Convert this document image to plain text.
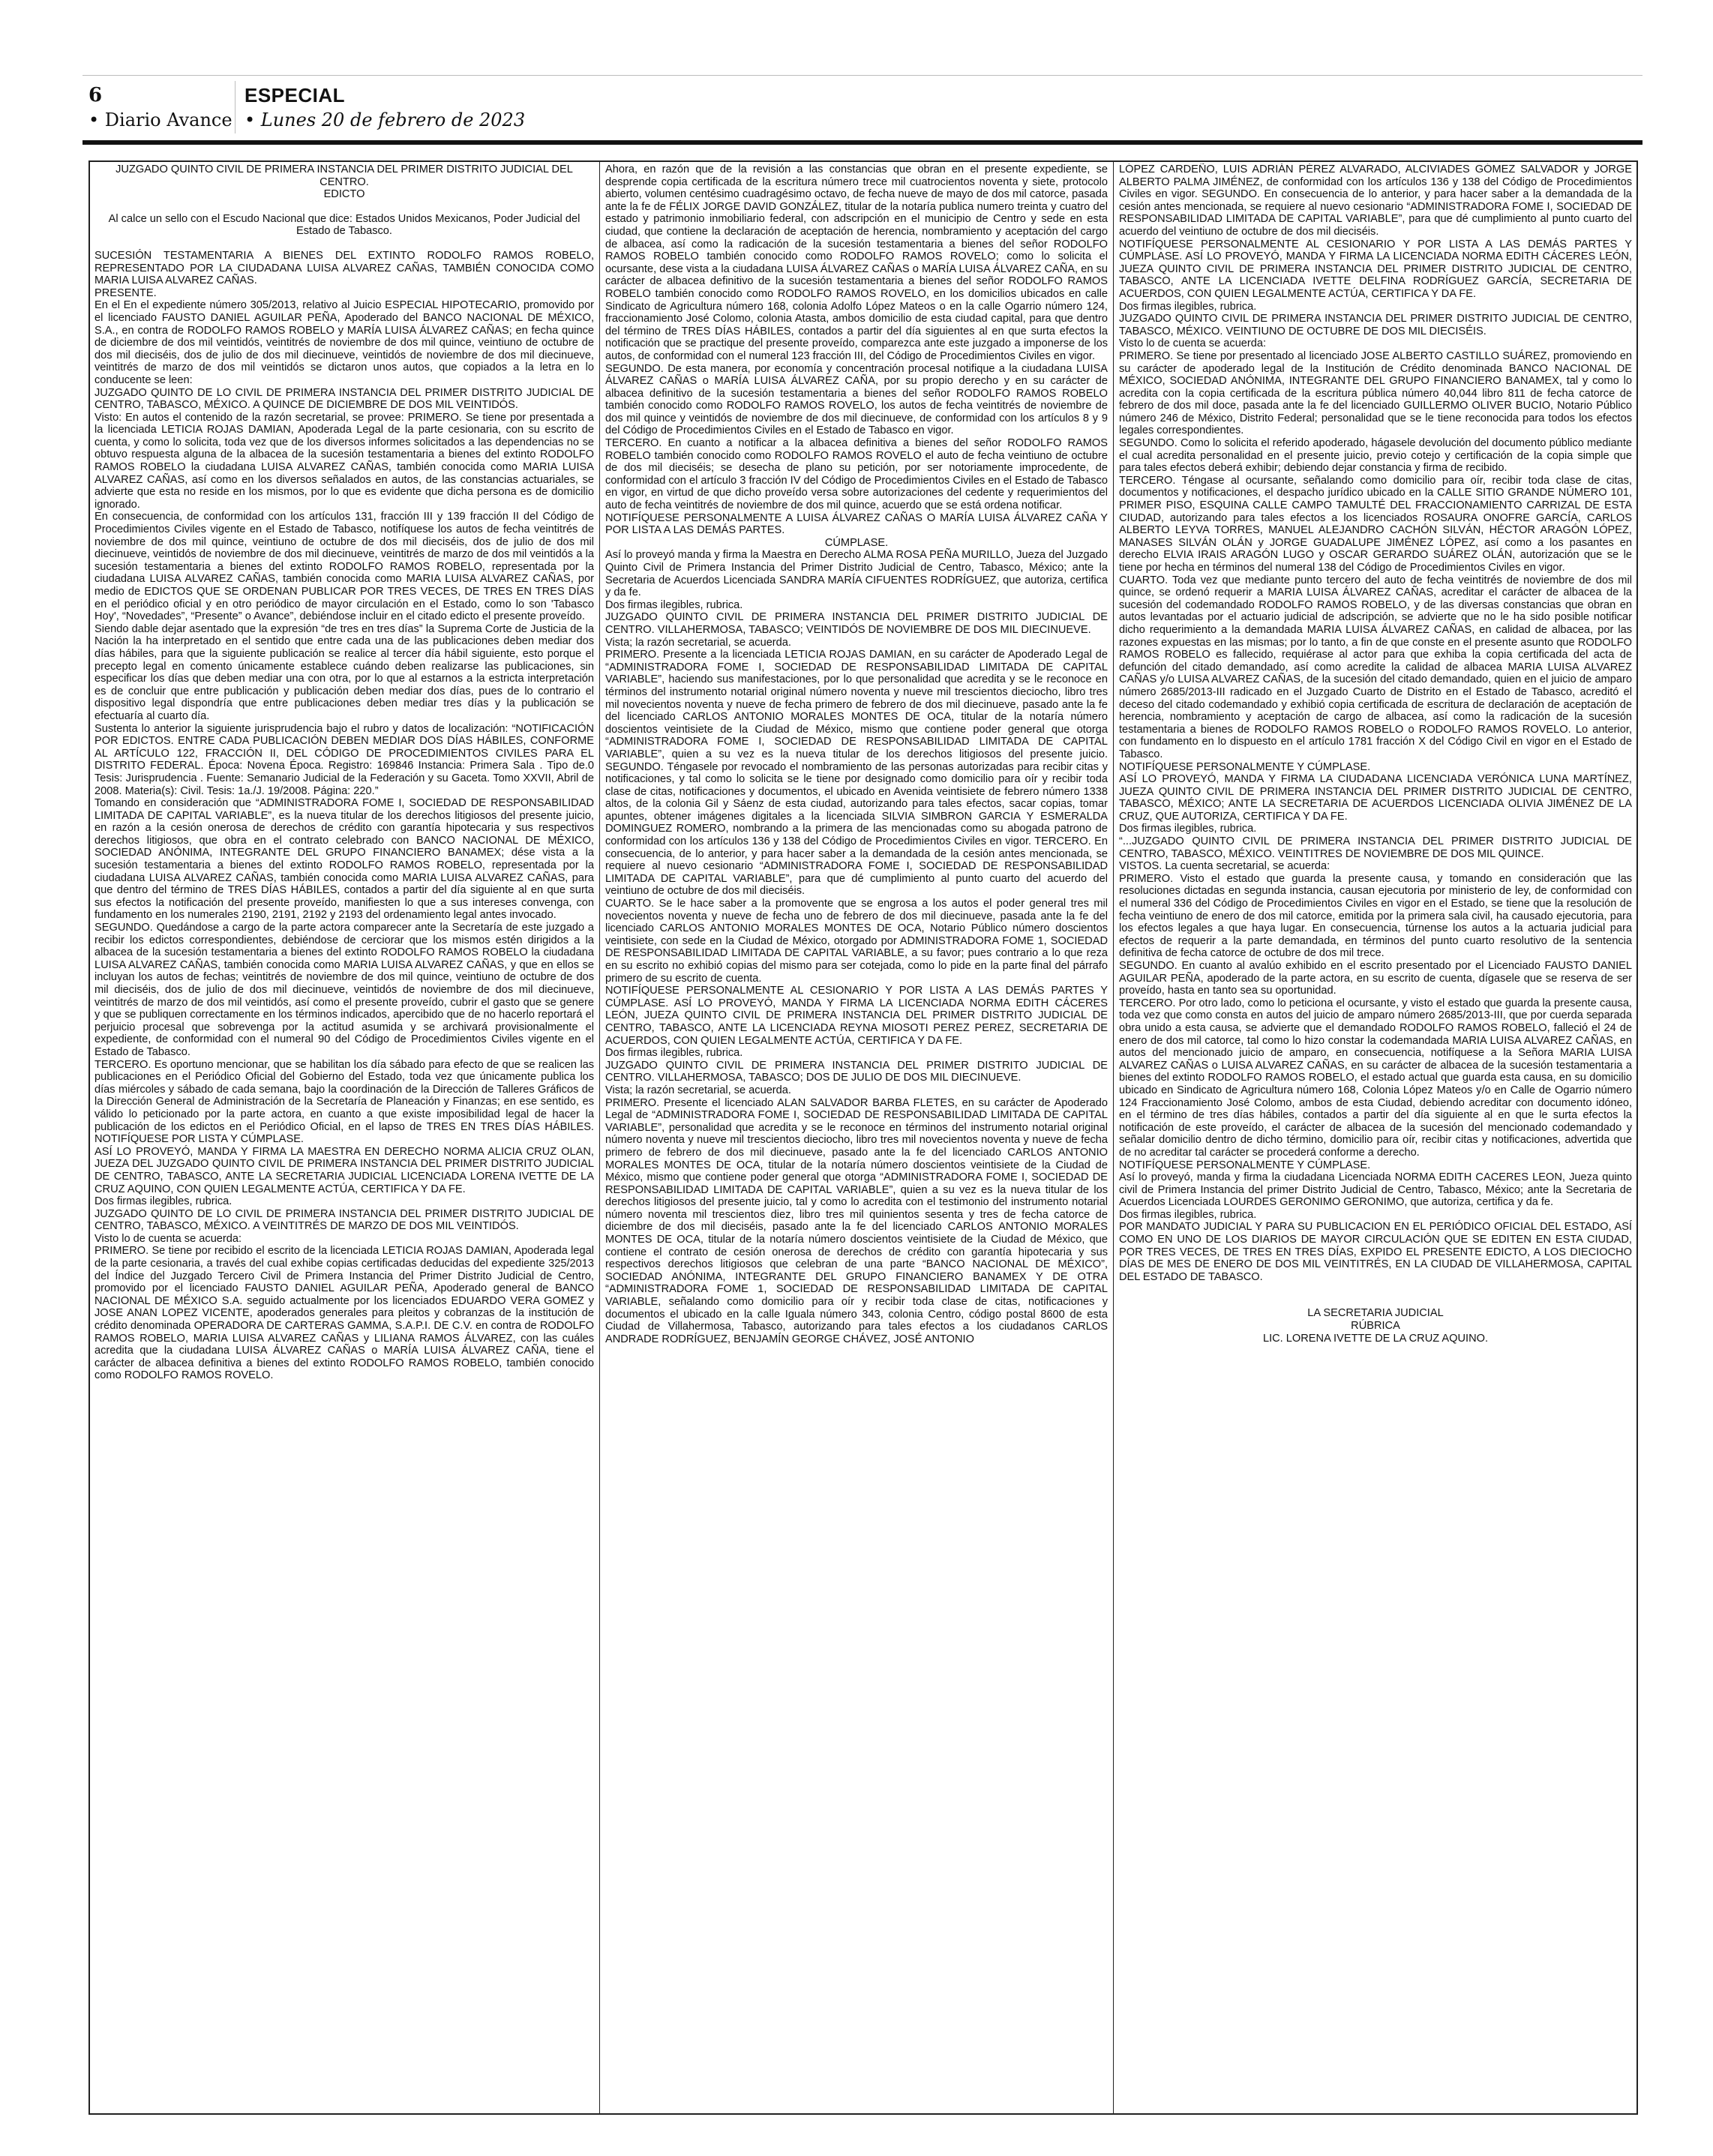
6
• Diario Avance
ESPECIAL
• Lunes 20 de febrero de 2023

JUZGADO QUINTO CIVIL DE PRIMERA INSTANCIA DEL PRIMER DISTRITO JUDICIAL DEL CENTRO.

EDICTO

Al calce un sello con el Escudo Nacional que dice: Estados Unidos Mexicanos, Poder Judicial del Estado de Tabasco.

SUCESIÓN TESTAMENTARIA A BIENES DEL EXTINTO RODOLFO RAMOS ROBELO, REPRESENTADO POR LA CIUDADANA LUISA ALVAREZ CAÑAS, TAMBIÉN CONOCIDA COMO MARIA LUISA ALVAREZ CAÑAS.

PRESENTE.

En el En el expediente número 305/2013, relativo al Juicio ESPECIAL HIPOTECARIO, promovido por el licenciado FAUSTO DANIEL AGUILAR PEÑA, Apoderado del BANCO NACIONAL DE MÉXICO, S.A., en contra de RODOLFO RAMOS ROBELO y MARÍA LUISA ÁLVAREZ CAÑAS; en fecha quince de diciembre de dos mil veintidós, veintitrés de noviembre de dos mil quince, veintiuno de octubre de dos mil dieciséis, dos de julio de dos mil diecinueve, veintidós de noviembre de dos mil diecinueve, veintitrés de marzo de dos mil veintidós se dictaron unos autos, que copiados a la letra en lo conducente se leen:

JUZGADO QUINTO DE LO CIVIL DE PRIMERA INSTANCIA DEL PRIMER DISTRITO JUDICIAL DE CENTRO, TABASCO, MÉXICO. A QUINCE DE DICIEMBRE DE DOS MIL VEINTIDÓS.

Visto: En autos el contenido de la razón secretarial, se provee: PRIMERO. Se tiene por presentada a la licenciada LETICIA ROJAS DAMIAN, Apoderada Legal de la parte cesionaria, con su escrito de cuenta, y como lo solicita, toda vez que de los diversos informes solicitados a las dependencias no se obtuvo respuesta alguna de la albacea de la sucesión testamentaria a bienes del extinto RODOLFO RAMOS ROBELO la ciudadana LUISA ALVAREZ CAÑAS, también conocida como MARIA LUISA ALVAREZ CAÑAS, así como en los diversos señalados en autos, de las constancias actuariales, se advierte que esta no reside en los mismos, por lo que es evidente que dicha persona es de domicilio ignorado.

En consecuencia, de conformidad con los artículos 131, fracción III y 139 fracción II del Código de Procedimientos Civiles vigente en el Estado de Tabasco, notifíquese los autos de fecha veintitrés de noviembre de dos mil quince, veintiuno de octubre de dos mil dieciséis, dos de julio de dos mil diecinueve, veintidós de noviembre de dos mil diecinueve, veintitrés de marzo de dos mil veintidós a la sucesión testamentaria a bienes del extinto RODOLFO RAMOS ROBELO, representada por la ciudadana LUISA ALVAREZ CAÑAS, también conocida como MARIA LUISA ALVAREZ CAÑAS, por medio de EDICTOS QUE SE ORDENAN PUBLICAR POR TRES VECES, DE TRES EN TRES DÍAS en el periódico oficial y en otro periódico de mayor circulación en el Estado, como lo son 'Tabasco Hoy', “Novedades”, “Presente” o Avance”, debiéndose incluir en el citado edicto el presente proveído.

Siendo dable dejar asentado que la expresión “de tres en tres días” la Suprema Corte de Justicia de la Nación la ha interpretado en el sentido que entre cada una de las publicaciones deben mediar dos días hábiles, para que la siguiente publicación se realice al tercer día hábil siguiente, esto porque el precepto legal en comento únicamente establece cuándo deben realizarse las publicaciones, sin especificar los días que deben mediar una con otra, por lo que al estarnos a la estricta interpretación es de concluir que entre publicación y publicación deben mediar dos días, pues de lo contrario el dispositivo legal dispondría que entre publicaciones deben mediar tres días y la publicación se efectuaría al cuarto día.

Sustenta lo anterior la siguiente jurisprudencia bajo el rubro y datos de localización: “NOTIFICACIÓN POR EDICTOS. ENTRE CADA PUBLICACIÓN DEBEN MEDIAR DOS DÍAS HÁBILES, CONFORME AL ARTÍCULO 122, FRACCIÓN II, DEL CÓDIGO DE PROCEDIMIENTOS CIVILES PARA EL DISTRITO FEDERAL. Época: Novena Época. Registro: 169846 Instancia: Primera Sala . Tipo de.0 Tesis: Jurisprudencia . Fuente: Semanario Judicial de la Federación y su Gaceta. Tomo XXVII, Abril de 2008. Materia(s): Civil. Tesis: 1a./J. 19/2008. Página: 220.”

Tomando en consideración que “ADMINISTRADORA FOME I, SOCIEDAD DE RESPONSABILIDAD LIMITADA DE CAPITAL VARIABLE”, es la nueva titular de los derechos litigiosos del presente juicio, en razón a la cesión onerosa de derechos de crédito con garantía hipotecaria y sus respectivos derechos litigiosos, que obra en el contrato celebrado con BANCO NACIONAL DE MÉXICO, SOCIEDAD ANÓNIMA, INTEGRANTE DEL GRUPO FINANCIERO BANAMEX; dése vista a la sucesión testamentaria a bienes del extinto RODOLFO RAMOS ROBELO, representada por la ciudadana LUISA ALVAREZ CAÑAS, también conocida como MARIA LUISA ALVAREZ CAÑAS, para que dentro del término de TRES DÍAS HÁBILES, contados a partir del día siguiente al en que surta sus efectos la notificación del presente proveído, manifiesten lo que a sus intereses convenga, con fundamento en los numerales 2190, 2191, 2192 y 2193 del ordenamiento legal antes invocado.

SEGUNDO. Quedándose a cargo de la parte actora comparecer ante la Secretaría de este juzgado a recibir los edictos correspondientes, debiéndose de cerciorar que los mismos estén dirigidos a la albacea de la sucesión testamentaria a bienes del extinto RODOLFO RAMOS ROBELO la ciudadana LUISA ALVAREZ CAÑAS, también conocida como MARIA LUISA ALVAREZ CAÑAS, y que en ellos se incluyan los autos de fechas; veintitrés de noviembre de dos mil quince, veintiuno de octubre de dos mil dieciséis, dos de julio de dos mil diecinueve, veintidós de noviembre de dos mil diecinueve, veintitrés de marzo de dos mil veintidós, así como el presente proveído, cubrir el gasto que se genere y que se publiquen correctamente en los términos indicados, apercibido que de no hacerlo reportará el perjuicio procesal que sobrevenga por la actitud asumida y se archivará provisionalmente el expediente, de conformidad con el numeral 90 del Código de Procedimientos Civiles vigente en el Estado de Tabasco.

TERCERO. Es oportuno mencionar, que se habilitan los día sábado para efecto de que se realicen las publicaciones en el Periódico Oficial del Gobierno del Estado, toda vez que únicamente publica los días miércoles y sábado de cada semana, bajo la coordinación de la Dirección de Talleres Gráficos de la Dirección General de Administración de la Secretaría de Planeación y Finanzas; en ese sentido, es válido lo peticionado por la parte actora, en cuanto a que existe imposibilidad legal de hacer la publicación de los edictos en el Periódico Oficial, en el lapso de TRES EN TRES DÍAS HÁBILES. NOTIFÍQUESE POR LISTA Y CÚMPLASE.

ASÍ LO PROVEYÓ, MANDA Y FIRMA LA MAESTRA EN DERECHO NORMA ALICIA CRUZ OLAN, JUEZA DEL JUZGADO QUINTO CIVIL DE PRIMERA INSTANCIA DEL PRIMER DISTRITO JUDICIAL DE CENTRO, TABASCO, ANTE LA SECRETARIA JUDICIAL LICENCIADA LORENA IVETTE DE LA CRUZ AQUINO, CON QUIEN LEGALMENTE ACTÚA, CERTIFICA Y DA FE.

Dos firmas ilegibles, rubrica.

JUZGADO QUINTO DE LO CIVIL DE PRIMERA INSTANCIA DEL PRIMER DISTRITO JUDICIAL DE CENTRO, TABASCO, MÉXICO. A VEINTITRÉS DE MARZO DE DOS MIL VEINTIDÓS.

Visto lo de cuenta se acuerda:

PRIMERO. Se tiene por recibido el escrito de la licenciada LETICIA ROJAS DAMIAN, Apoderada legal de la parte cesionaria, a través del cual exhibe copias certificadas deducidas del expediente 325/2013 del Índice del Juzgado Tercero Civil de Primera Instancia del Primer Distrito Judicial de Centro, promovido por el licenciado FAUSTO DANIEL AGUILAR PEÑA, Apoderado general de BANCO NACIONAL DE MÉXICO S.A. seguido actualmente por los licenciados EDUARDO VERA GOMEZ y JOSE ANAN LOPEZ VICENTE, apoderados generales para pleitos y cobranzas de la institución de crédito denominada OPERADORA DE CARTERAS GAMMA, S.A.P.I. DE C.V. en contra de RODOLFO RAMOS ROBELO, MARIA LUISA ALVAREZ CAÑAS y LILIANA RAMOS ÁLVAREZ, con las cuáles acredita que la ciudadana LUISA ÁLVAREZ CAÑAS o MARÍA LUISA ÁLVAREZ CAÑA, tiene el carácter de albacea definitiva a bienes del extinto RODOLFO RAMOS ROBELO, también conocido como RODOLFO RAMOS ROVELO.

Ahora, en razón que de la revisión a las constancias que obran en el presente expediente, se desprende copia certificada de la escritura número trece mil cuatrocientos noventa y siete, protocolo abierto, volumen centésimo cuadragésimo octavo, de fecha nueve de mayo de dos mil catorce, pasada ante la fe de FÉLIX JORGE DAVID GONZÁLEZ, titular de la notaría publica numero treinta y cuatro del estado y patrimonio inmobiliario federal, con adscripción en el municipio de Centro y sede en esta ciudad, que contiene la declaración de aceptación de herencia, nombramiento y aceptación del cargo de albacea, así como la radicación de la sucesión testamentaria a bienes del señor RODOLFO RAMOS ROBELO también conocido como RODOLFO RAMOS ROVELO; como lo solicita el ocursante, dese vista a la ciudadana LUISA ÁLVAREZ CAÑAS o MARÍA LUISA ÁLVAREZ CAÑA, en su carácter de albacea definitivo de la sucesión testamentaria a bienes del señor RODOLFO RAMOS ROBELO también conocido como RODOLFO RAMOS ROVELO, en los domicilios ubicados en calle Sindicato de Agricultura número 168, colonia Adolfo López Mateos o en la calle Ogarrio número 124, fraccionamiento José Colomo, colonia Atasta, ambos domicilio de esta ciudad capital, para que dentro del término de TRES DÍAS HÁBILES, contados a partir del día siguientes al en que surta efectos la notificación que se practique del presente proveído, comparezca ante este juzgado a imponerse de los autos, de conformidad con el numeral 123 fracción III, del Código de Procedimientos Civiles en vigor.

SEGUNDO. De esta manera, por economía y concentración procesal notifique a la ciudadana LUISA ÁLVAREZ CAÑAS o MARÍA LUISA ÁLVAREZ CAÑA, por su propio derecho y en su carácter de albacea definitivo de la sucesión testamentaria a bienes del señor RODOLFO RAMOS ROBELO también conocido como RODOLFO RAMOS ROVELO, los autos de fecha veintitrés de noviembre de dos mil quince y veintidós de noviembre de dos mil diecinueve, de conformidad con los artículos 8 y 9 del Código de Procedimientos Civiles en el Estado de Tabasco en vigor.

TERCERO. En cuanto a notificar a la albacea definitiva a bienes del señor RODOLFO RAMOS ROBELO también conocido como RODOLFO RAMOS ROVELO el auto de fecha veintiuno de octubre de dos mil dieciséis; se desecha de plano su petición, por ser notoriamente improcedente, de conformidad con el artículo 3 fracción IV del Código de Procedimientos Civiles en el Estado de Tabasco en vigor, en virtud de que dicho proveído versa sobre autorizaciones del cedente y requerimientos del auto de fecha veintitrés de noviembre de dos mil quince, acuerdo que se está ordena notificar.

NOTIFÍQUESE PERSONALMENTE A LUISA ÁLVAREZ CAÑAS O MARÍA LUISA ÁLVAREZ CAÑA Y POR LISTA A LAS DEMÁS PARTES.

CÚMPLASE.

Así lo proveyó manda y firma la Maestra en Derecho ALMA ROSA PEÑA MURILLO, Jueza del Juzgado Quinto Civil de Primera Instancia del Primer Distrito Judicial de Centro, Tabasco, México; ante la Secretaria de Acuerdos Licenciada SANDRA MARÍA CIFUENTES RODRÍGUEZ, que autoriza, certifica y da fe.

Dos firmas ilegibles, rubrica.

JUZGADO QUINTO CIVIL DE PRIMERA INSTANCIA DEL PRIMER DISTRITO JUDICIAL DE CENTRO. VILLAHERMOSA, TABASCO; VEINTIDÓS DE NOVIEMBRE DE DOS MIL DIECINUEVE.

Vista; la razón secretarial, se acuerda.

PRIMERO. Presente a la licenciada LETICIA ROJAS DAMIAN, en su carácter de Apoderado Legal de “ADMINISTRADORA FOME I, SOCIEDAD DE RESPONSABILIDAD LIMITADA DE CAPITAL VARIABLE”, haciendo sus manifestaciones, por lo que personalidad que acredita y se le reconoce en términos del instrumento notarial original número noventa y nueve mil trescientos dieciocho, libro tres mil novecientos noventa y nueve de fecha primero de febrero de dos mil diecinueve, pasado ante la fe del licenciado CARLOS ANTONIO MORALES MONTES DE OCA, titular de la notaría número doscientos veintisiete de la Ciudad de México, mismo que contiene poder general que otorga “ADMINISTRADORA FOME I, SOCIEDAD DE RESPONSABILIDAD LIMITADA DE CAPITAL VARIABLE”, quien a su vez es la nueva titular de los derechos litigiosos del presente juicio. SEGUNDO. Téngasele por revocado el nombramiento de las personas autorizadas para recibir citas y notificaciones, y tal como lo solicita se le tiene por designado como domicilio para oír y recibir toda clase de citas, notificaciones y documentos, el ubicado en Avenida veintisiete de febrero número 1338 altos, de la colonia Gil y Sáenz de esta ciudad, autorizando para tales efectos, sacar copias, tomar apuntes, obtener imágenes digitales a la licenciada SILVIA SIMBRON GARCIA Y ESMERALDA DOMINGUEZ ROMERO, nombrando a la primera de las mencionadas como su abogada patrono de conformidad con los artículos 136 y 138 del Código de Procedimientos Civiles en vigor. TERCERO. En consecuencia, de lo anterior, y para hacer saber a la demandada de la cesión antes mencionada, se requiere al nuevo cesionario “ADMINISTRADORA FOME I, SOCIEDAD DE RESPONSABILIDAD LIMITADA DE CAPITAL VARIABLE”, para que dé cumplimiento al punto cuarto del acuerdo del veintiuno de octubre de dos mil dieciséis.

CUARTO. Se le hace saber a la promovente que se engrosa a los autos el poder general tres mil novecientos noventa y nueve de fecha uno de febrero de dos mil diecinueve, pasada ante la fe del licenciado CARLOS ANTONIO MORALES MONTES DE OCA, Notario Público número doscientos veintisiete, con sede en la Ciudad de México, otorgado por ADMINISTRADORA FOME 1, SOCIEDAD DE RESPONSABILIDAD LIMITADA DE CAPITAL VARIABLE, a su favor; pues contrario a lo que reza en su escrito no exhibió copias del mismo para ser cotejada, como lo pide en la parte final del párrafo primero de su escrito de cuenta.

NOTIFÍQUESE PERSONALMENTE AL CESIONARIO Y POR LISTA A LAS DEMÁS PARTES Y CÚMPLASE. ASÍ LO PROVEYÓ, MANDA Y FIRMA LA LICENCIADA NORMA EDITH CÁCERES LEÓN, JUEZA QUINTO CIVIL DE PRIMERA INSTANCIA DEL PRIMER DISTRITO JUDICIAL DE CENTRO, TABASCO, ANTE LA LICENCIADA REYNA MIOSOTI PEREZ PEREZ, SECRETARIA DE ACUERDOS, CON QUIEN LEGALMENTE ACTÚA, CERTIFICA Y DA FE.

Dos firmas ilegibles, rubrica.

JUZGADO QUINTO CIVIL DE PRIMERA INSTANCIA DEL PRIMER DISTRITO JUDICIAL DE CENTRO. VILLAHERMOSA, TABASCO; DOS DE JULIO DE DOS MIL DIECINUEVE.

Vista; la razón secretarial, se acuerda.

PRIMERO. Presente el licenciado ALAN SALVADOR BARBA FLETES, en su carácter de Apoderado Legal de “ADMINISTRADORA FOME I, SOCIEDAD DE RESPONSABILIDAD LIMITADA DE CAPITAL VARIABLE”, personalidad que acredita y se le reconoce en términos del instrumento notarial original número noventa y nueve mil trescientos dieciocho, libro tres mil novecientos noventa y nueve de fecha primero de febrero de dos mil diecinueve, pasado ante la fe del licenciado CARLOS ANTONIO MORALES MONTES DE OCA, titular de la notaría número doscientos veintisiete de la Ciudad de México, mismo que contiene poder general que otorga “ADMINISTRADORA FOME I, SOCIEDAD DE RESPONSABILIDAD LIMITADA DE CAPITAL VARIABLE”, quien a su vez es la nueva titular de los derechos litigiosos del presente juicio, tal y como lo acredita con el testimonio del instrumento notarial número noventa mil trescientos diez, libro tres mil quinientos sesenta y tres de fecha catorce de diciembre de dos mil dieciséis, pasado ante la fe del licenciado CARLOS ANTONIO MORALES MONTES DE OCA, titular de la notaría número doscientos veintisiete de la Ciudad de México, que contiene el contrato de cesión onerosa de derechos de crédito con garantía hipotecaria y sus respectivos derechos litigiosos que celebran de una parte “BANCO NACIONAL DE MÉXICO”, SOCIEDAD ANÓNIMA, INTEGRANTE DEL GRUPO FINANCIERO BANAMEX Y DE OTRA “ADMINISTRADORA FOME 1, SOCIEDAD DE RESPONSABILIDAD LIMITADA DE CAPITAL VARIABLE, señalando como domicilio para oír y recibir toda clase de citas, notificaciones y documentos el ubicado en la calle Iguala número 343, colonia Centro, código postal 8600 de esta Ciudad de Villahermosa, Tabasco, autorizando para tales efectos a los ciudadanos CARLOS ANDRADE RODRÍGUEZ, BENJAMÍN GEORGE CHÁVEZ, JOSÉ ANTONIO

LÓPEZ CARDEÑO, LUIS ADRIÁN PÉREZ ALVARADO, ALCIVIADES GÓMEZ SALVADOR y JORGE ALBERTO PALMA JIMÉNEZ, de conformidad con los artículos 136 y 138 del Código de Procedimientos Civiles en vigor. SEGUNDO. En consecuencia de lo anterior, y para hacer saber a la demandada de la cesión antes mencionada, se requiere al nuevo cesionario “ADMINISTRADORA FOME I, SOCIEDAD DE RESPONSABILIDAD LIMITADA DE CAPITAL VARIABLE”, para que dé cumplimiento al punto cuarto del acuerdo del veintiuno de octubre de dos mil dieciséis.

NOTIFÍQUESE PERSONALMENTE AL CESIONARIO Y POR LISTA A LAS DEMÁS PARTES Y CÚMPLASE. ASÍ LO PROVEYÓ, MANDA Y FIRMA LA LICENCIADA NORMA EDITH CÁCERES LEÓN, JUEZA QUINTO CIVIL DE PRIMERA INSTANCIA DEL PRIMER DISTRITO JUDICIAL DE CENTRO, TABASCO, ANTE LA LICENCIADA IVETTE DELFINA RODRÍGUEZ GARCÍA, SECRETARIA DE ACUERDOS, CON QUIEN LEGALMENTE ACTÚA, CERTIFICA Y DA FE.

Dos firmas ilegibles, rubrica.

JUZGADO QUINTO CIVIL DE PRIMERA INSTANCIA DEL PRIMER DISTRITO JUDICIAL DE CENTRO, TABASCO, MÉXICO. VEINTIUNO DE OCTUBRE DE DOS MIL DIECISÉIS.

Visto lo de cuenta se acuerda:

PRIMERO. Se tiene por presentado al licenciado JOSE ALBERTO CASTILLO SUÁREZ, promoviendo en su carácter de apoderado legal de la Institución de Crédito denominada BANCO NACIONAL DE MÉXICO, SOCIEDAD ANÓNIMA, INTEGRANTE DEL GRUPO FINANCIERO BANAMEX, tal y como lo acredita con la copia certificada de la escritura pública número 40,044 libro 811 de fecha catorce de febrero de dos mil doce, pasada ante la fe del licenciado GUILLERMO OLIVER BUCIO, Notario Público número 246 de México, Distrito Federal; personalidad que se le tiene reconocida para todos los efectos legales correspondientes.

SEGUNDO. Como lo solicita el referido apoderado, hágasele devolución del documento público mediante el cual acredita personalidad en el presente juicio, previo cotejo y certificación de la copia simple que para tales efectos deberá exhibir; debiendo dejar constancia y firma de recibido.

TERCERO. Téngase al ocursante, señalando como domicilio para oír, recibir toda clase de citas, documentos y notificaciones, el despacho jurídico ubicado en la CALLE SITIO GRANDE NÚMERO 101, PRIMER PISO, ESQUINA CALLE CAMPO TAMULTÉ DEL FRACCIONAMIENTO CARRIZAL DE ESTA CIUDAD, autorizando para tales efectos a los licenciados ROSAURA ONOFRE GARCÍA, CARLOS ALBERTO LEYVA TORRES, MANUEL ALEJANDRO CACHÓN SILVÁN, HÉCTOR ARAGÓN LÓPEZ, MANASES SILVÁN OLÁN y JORGE GUADALUPE JIMÉNEZ LÓPEZ, así como a los pasantes en derecho ELVIA IRAIS ARAGÓN LUGO y OSCAR GERARDO SUÁREZ OLÁN, autorización que se le tiene por hecha en términos del numeral 138 del Código de Procedimientos Civiles en vigor.

CUARTO. Toda vez que mediante punto tercero del auto de fecha veintitrés de noviembre de dos mil quince, se ordenó requerir a MARIA LUISA ÁLVAREZ CAÑAS, acreditar el carácter de albacea de la sucesión del codemandado RODOLFO RAMOS ROBELO, y de las diversas constancias que obran en autos levantadas por el actuario judicial de adscripción, se advierte que no le ha sido posible notificar dicho requerimiento a la demandada MARIA LUISA ÁLVAREZ CAÑAS, en calidad de albacea, por las razones expuestas en las mismas; por lo tanto, a fin de que conste en el presente asunto que RODOLFO RAMOS ROBELO es fallecido, requiérase al actor para que exhiba la copia certificada del acta de defunción del citado demandado, así como acredite la calidad de albacea MARIA LUISA ALVAREZ CAÑAS y/o LUISA ALVAREZ CAÑAS, de la sucesión del citado demandado, quien en el juicio de amparo número 2685/2013-III radicado en el Juzgado Cuarto de Distrito en el Estado de Tabasco, acreditó el deceso del citado codemandado y exhibió copia certificada de escritura de declaración de aceptación de herencia, nombramiento y aceptación de cargo de albacea, así como la radicación de la sucesión testamentaria a bienes de RODOLFO RAMOS ROBELO o RODOLFO RAMOS ROVELO. Lo anterior, con fundamento en lo dispuesto en el artículo 1781 fracción X del Código Civil en vigor en el Estado de Tabasco.

NOTIFÍQUESE PERSONALMENTE Y CÚMPLASE.

ASÍ LO PROVEYÓ, MANDA Y FIRMA LA CIUDADANA LICENCIADA VERÓNICA LUNA MARTÍNEZ, JUEZA QUINTO CIVIL DE PRIMERA INSTANCIA DEL PRIMER DISTRITO JUDICIAL DE CENTRO, TABASCO, MÉXICO; ANTE LA SECRETARIA DE ACUERDOS LICENCIADA OLIVIA JIMÉNEZ DE LA CRUZ, QUE AUTORIZA, CERTIFICA Y DA FE.

Dos firmas ilegibles, rubrica.

“...JUZGADO QUINTO CIVIL DE PRIMERA INSTANCIA DEL PRIMER DISTRITO JUDICIAL DE CENTRO, TABASCO, MÉXICO. VEINTITRES DE NOVIEMBRE DE DOS MIL QUINCE.

VISTOS. La cuenta secretarial, se acuerda:

PRIMERO. Visto el estado que guarda la presente causa, y tomando en consideración que las resoluciones dictadas en segunda instancia, causan ejecutoria por ministerio de ley, de conformidad con el numeral 336 del Código de Procedimientos Civiles en vigor en el Estado, se tiene que la resolución de fecha veintiuno de enero de dos mil catorce, emitida por la primera sala civil, ha causado ejecutoria, para los efectos legales a que haya lugar. En consecuencia, túrnense los autos a la actuaria judicial para efectos de requerir a la parte demandada, en términos del punto cuarto resolutivo de la sentencia definitiva de fecha catorce de octubre de dos mil trece.

SEGUNDO. En cuanto al avalúo exhibido en el escrito presentado por el Licenciado FAUSTO DANIEL AGUILAR PEÑA, apoderado de la parte actora, en su escrito de cuenta, dígasele que se reserva de ser proveído, hasta en tanto sea su oportunidad.

TERCERO. Por otro lado, como lo peticiona el ocursante, y visto el estado que guarda la presente causa, toda vez que como consta en autos del juicio de amparo número 2685/2013-III, que por cuerda separada obra unido a esta causa, se advierte que el demandado RODOLFO RAMOS ROBELO, falleció el 24 de enero de dos mil catorce, tal como lo hizo constar la codemandada MARIA LUISA ALVAREZ CAÑAS, en autos del mencionado juicio de amparo, en consecuencia, notifíquese a la Señora MARIA LUISA ALVAREZ CAÑAS o LUISA ALVAREZ CAÑAS, en su carácter de albacea de la sucesión testamentaria a bienes del extinto RODOLFO RAMOS ROBELO, el estado actual que guarda esta causa, en su domicilio ubicado en Sindicato de Agricultura número 168, Colonia López Mateos y/o en Calle de Ogarrio número 124 Fraccionamiento José Colomo, ambos de esta Ciudad, debiendo acreditar con documento idóneo, en el término de tres días hábiles, contados a partir del día siguiente al en que le surta efectos la notificación de este proveído, el carácter de albacea de la sucesión del mencionado codemandado y señalar domicilio dentro de dicho término, domicilio para oír, recibir citas y notificaciones, advertida que de no acreditar tal carácter se procederá conforme a derecho.

NOTIFÍQUESE PERSONALMENTE Y CÚMPLASE.

Así lo proveyó, manda y firma la ciudadana Licenciada NORMA EDITH CACERES LEON, Jueza quinto civil de Primera Instancia del primer Distrito Judicial de Centro, Tabasco, México; ante la Secretaria de Acuerdos Licenciada LOURDES GERONIMO GERONIMO, que autoriza, certifica y da fe.

Dos firmas ilegibles, rubrica.

POR MANDATO JUDICIAL Y PARA SU PUBLICACION EN EL PERIÓDICO OFICIAL DEL ESTADO, ASÍ COMO EN UNO DE LOS DIARIOS DE MAYOR CIRCULACIÓN QUE SE EDITEN EN ESTA CIUDAD, POR TRES VECES, DE TRES EN TRES DÍAS, EXPIDO EL PRESENTE EDICTO, A LOS DIECIOCHO DÍAS DE MES DE ENERO DE DOS MIL VEINTITRÉS, EN LA CIUDAD DE VILLAHERMOSA, CAPITAL DEL ESTADO DE TABASCO.

LA SECRETARIA JUDICIAL

RÚBRICA

LIC. LORENA IVETTE DE LA CRUZ AQUINO.
